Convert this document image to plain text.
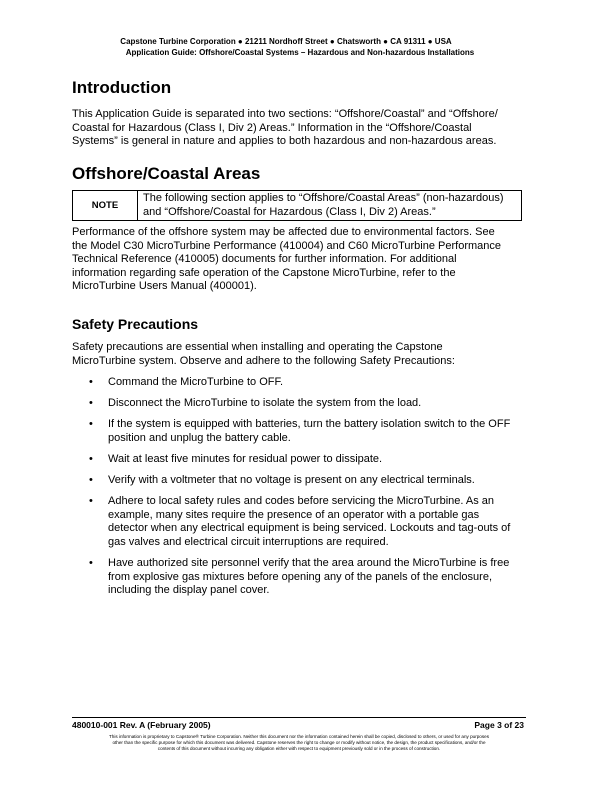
Capstone Turbine Corporation ● 21211 Nordhoff Street ● Chatsworth ● CA 91311 ● USA
Application Guide: Offshore/Coastal Systems – Hazardous and Non-hazardous Installations
Introduction
This Application Guide is separated into two sections: “Offshore/Coastal” and “Offshore/
Coastal for Hazardous (Class I, Div 2) Areas.” Information in the “Offshore/Coastal
Systems” is general in nature and applies to both hazardous and non-hazardous areas.
Offshore/Coastal Areas
NOTE
The following section applies to “Offshore/Coastal Areas” (non-hazardous)
and “Offshore/Coastal for Hazardous (Class I, Div 2) Areas.”
Performance of the offshore system may be affected due to environmental factors. See
the Model C30 MicroTurbine Performance (410004) and C60 MicroTurbine Performance
Technical Reference (410005) documents for further information. For additional
information regarding safe operation of the Capstone MicroTurbine, refer to the
MicroTurbine Users Manual (400001).
Safety Precautions
Safety precautions are essential when installing and operating the Capstone
MicroTurbine system. Observe and adhere to the following Safety Precautions:
• Command the MicroTurbine to OFF.
• Disconnect the MicroTurbine to isolate the system from the load.
• If the system is equipped with batteries, turn the battery isolation switch to the OFF
position and unplug the battery cable.
• Wait at least five minutes for residual power to dissipate.
• Verify with a voltmeter that no voltage is present on any electrical terminals.
• Adhere to local safety rules and codes before servicing the MicroTurbine. As an
example, many sites require the presence of an operator with a portable gas
detector when any electrical equipment is being serviced. Lockouts and tag-outs of
gas valves and electrical circuit interruptions are required.
• Have authorized site personnel verify that the area around the MicroTurbine is free
from explosive gas mixtures before opening any of the panels of the enclosure,
including the display panel cover.
480010-001 Rev. A (February 2005)	Page 3 of 23
This information is proprietary to Capstone® Turbine Corporation. Neither this document nor the information contained herein shall be copied, disclosed to others, or used for any purposes
other than the specific purpose for which this document was delivered. Capstone reserves the right to change or modify without notice, the design, the product specifications, and/or the
contents of this document without incurring any obligation either with respect to equipment previously sold or in the process of construction.
